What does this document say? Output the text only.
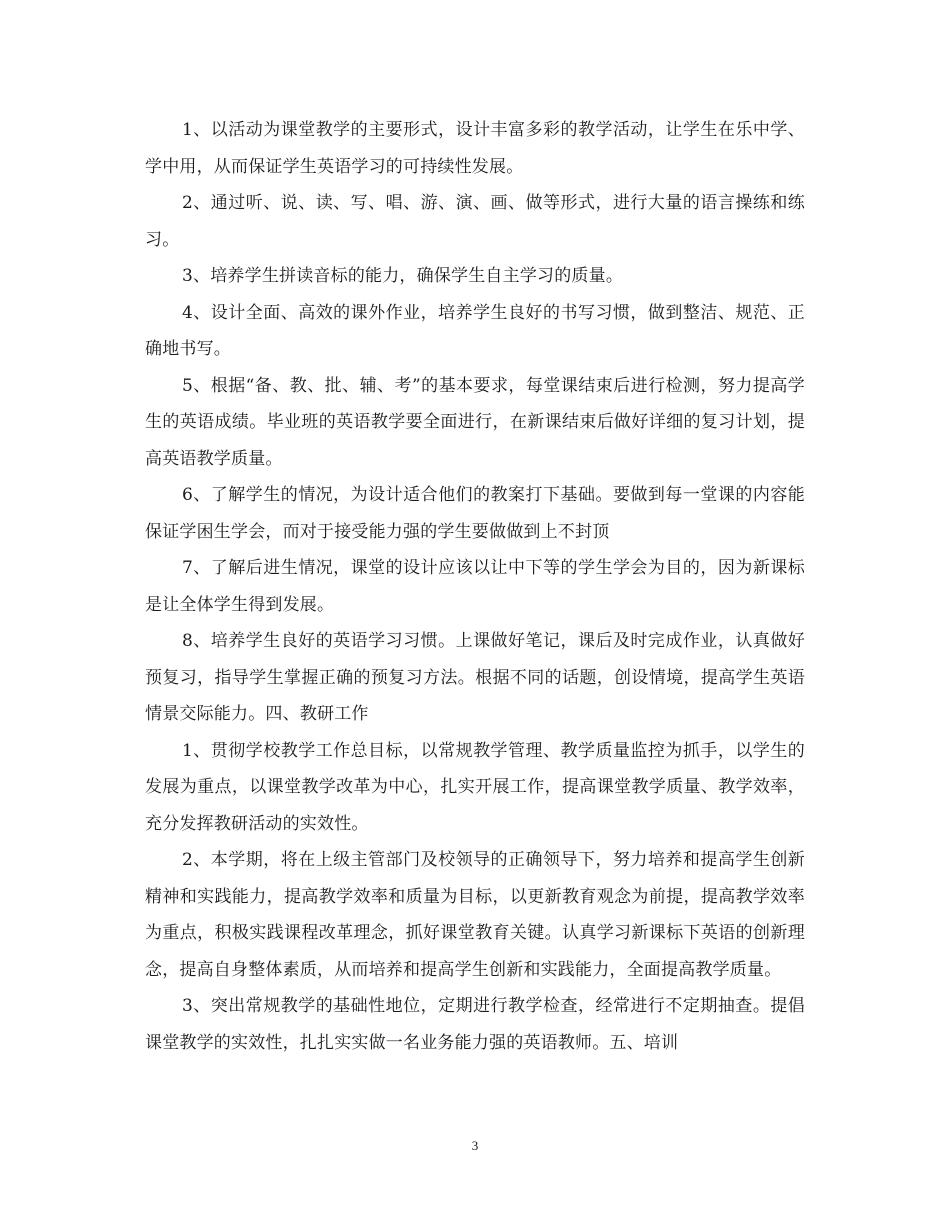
1、以活动为课堂教学的主要形式，设计丰富多彩的教学活动，让学生在乐中学、学中用，从而保证学生英语学习的可持续性发展。

2、通过听、说、读、写、唱、游、演、画、做等形式，进行大量的语言操练和练习。

3、培养学生拼读音标的能力，确保学生自主学习的质量。

4、设计全面、高效的课外作业，培养学生良好的书写习惯，做到整洁、规范、正确地书写。

5、根据“备、教、批、辅、考”的基本要求，每堂课结束后进行检测，努力提高学生的英语成绩。毕业班的英语教学要全面进行，在新课结束后做好详细的复习计划，提高英语教学质量。

6、了解学生的情况，为设计适合他们的教案打下基础。要做到每一堂课的内容能保证学困生学会，而对于接受能力强的学生要做做到上不封顶

7、了解后进生情况，课堂的设计应该以让中下等的学生学会为目的，因为新课标是让全体学生得到发展。

8、培养学生良好的英语学习习惯。上课做好笔记，课后及时完成作业，认真做好预复习，指导学生掌握正确的预复习方法。根据不同的话题，创设情境，提高学生英语情景交际能力。四、教研工作

1、贯彻学校教学工作总目标，以常规教学管理、教学质量监控为抓手，以学生的发展为重点，以课堂教学改革为中心，扎实开展工作，提高课堂教学质量、教学效率，充分发挥教研活动的实效性。

2、本学期，将在上级主管部门及校领导的正确领导下，努力培养和提高学生创新精神和实践能力，提高教学效率和质量为目标，以更新教育观念为前提，提高教学效率为重点，积极实践课程改革理念，抓好课堂教育关键。认真学习新课标下英语的创新理念，提高自身整体素质，从而培养和提高学生创新和实践能力，全面提高教学质量。

3、突出常规教学的基础性地位，定期进行教学检查，经常进行不定期抽查。提倡课堂教学的实效性，扎扎实实做一名业务能力强的英语教师。五、培训

3
